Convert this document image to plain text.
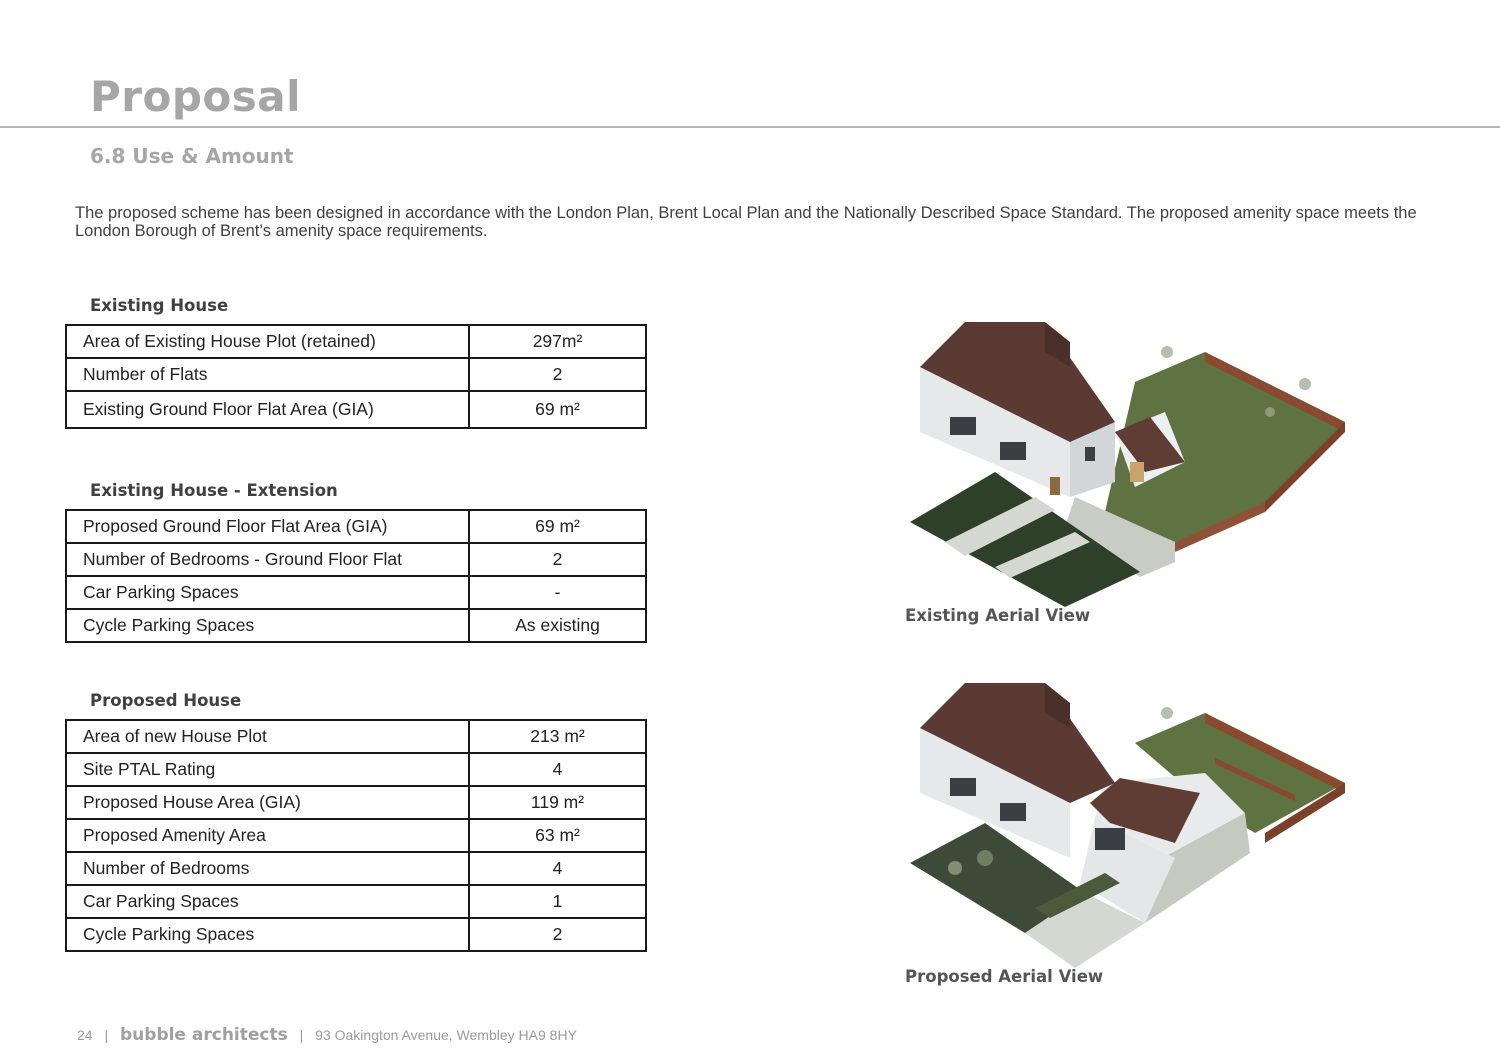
Proposal
6.8 Use & Amount

The proposed scheme has been designed in accordance with the London Plan, Brent Local Plan and the Nationally Described Space Standard. The proposed amenity space meets the London Borough of Brent’s amenity space requirements.

Existing House
Area of Existing House Plot (retained)	297m²
Number of Flats	2
Existing Ground Floor Flat Area (GIA)	69 m²
Existing House - Extension
Proposed Ground Floor Flat Area (GIA)	69 m²
Number of Bedrooms - Ground Floor Flat	2
Car Parking Spaces	-
Cycle Parking Spaces	As existing
Proposed House
Area of new House Plot	213 m²
Site PTAL Rating	4
Proposed House Area (GIA)	119 m²
Proposed Amenity Area	63 m²
Number of Bedrooms	4
Car Parking Spaces	1
Cycle Parking Spaces	2

Existing Aerial View

Proposed Aerial View

24 | bubble architects | 93 Oakington Avenue, Wembley HA9 8HY
